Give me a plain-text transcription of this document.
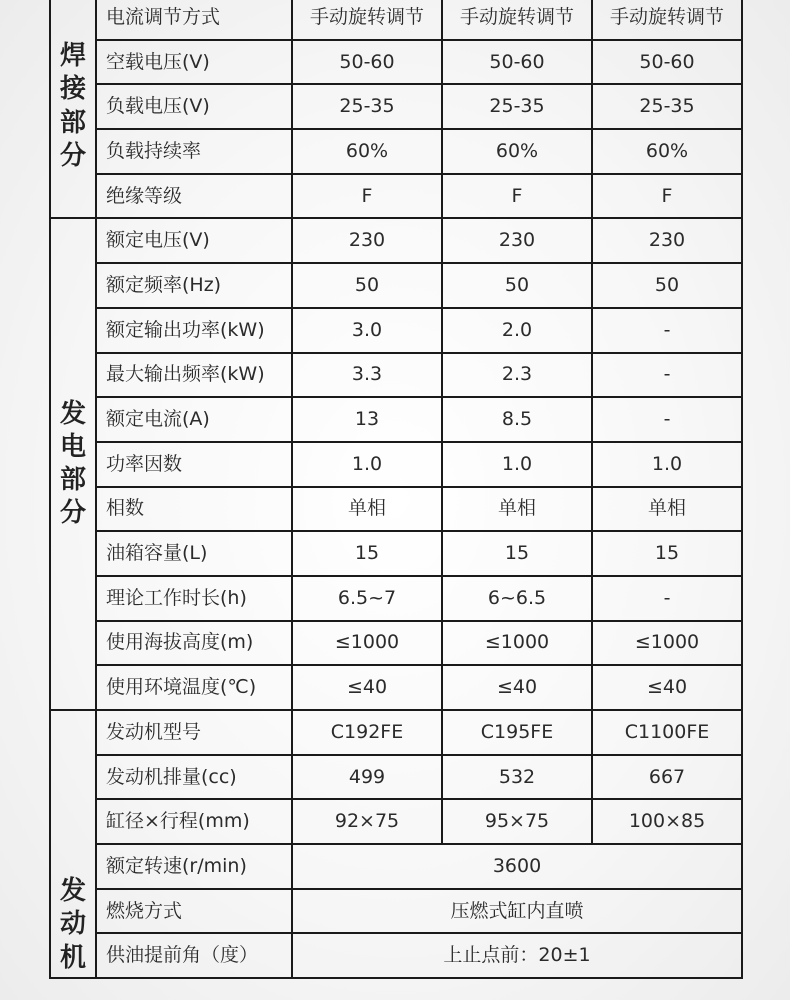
焊
接
部
分	电流调节方式	手动旋转调节	手动旋转调节	手动旋转调节
	空载电压(V)	50-60	50-60	50-60
	负载电压(V)	25-35	25-35	25-35
	负载持续率	60%	60%	60%
	绝缘等级	F	F	F

发
电
部
分	额定电压(V)	230	230	230
	额定频率(Hz)	50	50	50
	额定输出功率(kW)	3.0	2.0	-
	最大输出频率(kW)	3.3	2.3	-
	额定电流(A)	13	8.5	-
	功率因数	1.0	1.0	1.0
	相数	单相	单相	单相
	油箱容量(L)	15	15	15
	理论工作时长(h)	6.5~7	6~6.5	-
	使用海拔高度(m)	≤1000	≤1000	≤1000
	使用环境温度(℃)	≤40	≤40	≤40

发
动
机	发动机型号	C192FE	C195FE	C1100FE
	发动机排量(cc)	499	532	667
	缸径×行程(mm)	92×75	95×75	100×85
	额定转速(r/min)	3600		
	燃烧方式	压燃式缸内直喷		
	供油提前角（度）	上止点前：20±1		
